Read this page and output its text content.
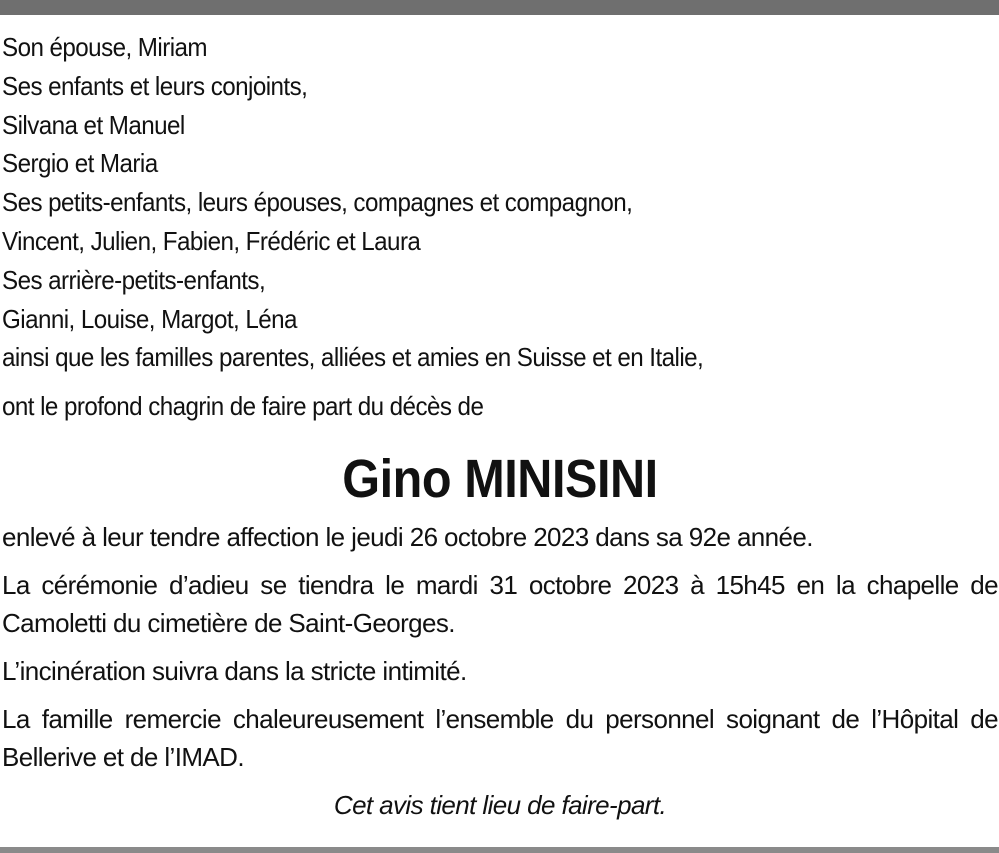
Son épouse, Miriam
Ses enfants et leurs conjoints,
Silvana et Manuel
Sergio et Maria
Ses petits-enfants, leurs épouses, compagnes et compagnon,
Vincent, Julien, Fabien, Frédéric et Laura
Ses arrière-petits-enfants,
Gianni, Louise, Margot, Léna
ainsi que les familles parentes, alliées et amies en Suisse et en Italie,
ont le profond chagrin de faire part du décès de
Gino MINISINI
enlevé à leur tendre affection le jeudi 26 octobre 2023 dans sa 92e année.
La cérémonie d’adieu se tiendra le mardi 31 octobre 2023 à 15h45 en la chapelle de Camoletti du cimetière de Saint-Georges.
L’incinération suivra dans la stricte intimité.
La famille remercie chaleureusement l’ensemble du personnel soignant de l’Hôpital de Bellerive et de l’IMAD.
Cet avis tient lieu de faire-part.
